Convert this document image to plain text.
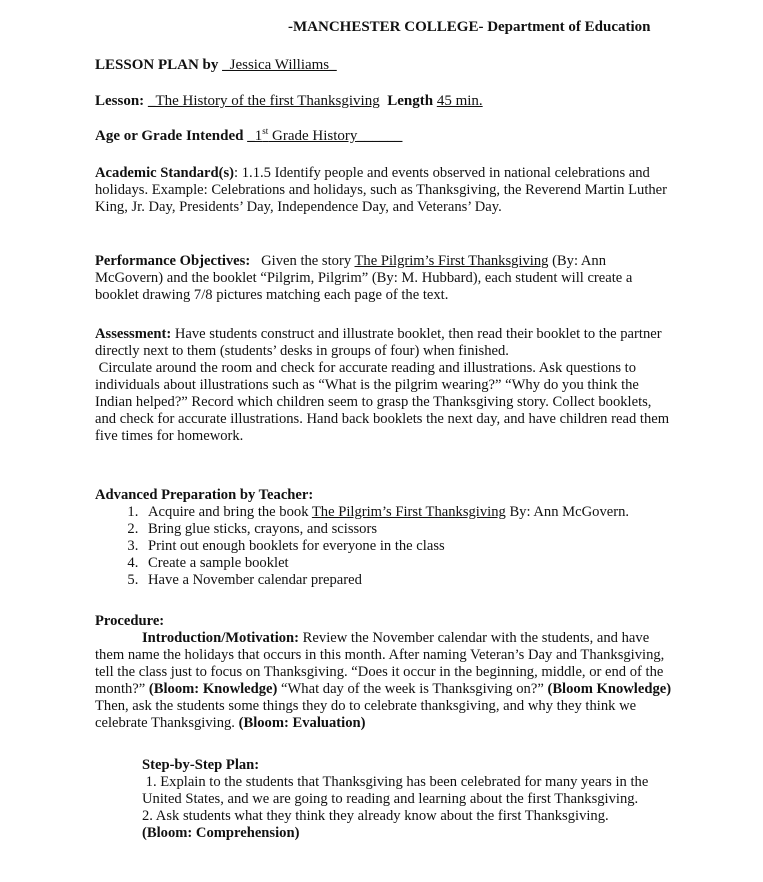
-MANCHESTER COLLEGE- Department of Education
LESSON PLAN by _Jessica Williams_
Lesson: _The History of the first Thanksgiving Length 45 min.
Age or Grade Intended _1st Grade History______

Academic Standard(s): 1.1.5 Identify people and events observed in national celebrations and holidays. Example: Celebrations and holidays, such as Thanksgiving, the Reverend Martin Luther King, Jr. Day, Presidents’ Day, Independence Day, and Veterans’ Day.

Performance Objectives:   Given the story The Pilgrim’s First Thanksgiving (By: Ann McGovern) and the booklet “Pilgrim, Pilgrim” (By: M. Hubbard), each student will create a booklet drawing 7/8 pictures matching each page of the text.

Assessment: Have students construct and illustrate booklet, then read their booklet to the partner directly next to them (students’ desks in groups of four) when finished.

Circulate around the room and check for accurate reading and illustrations. Ask questions to individuals about illustrations such as “What is the pilgrim wearing?” “Why do you think the Indian helped?” Record which children seem to grasp the Thanksgiving story. Collect booklets, and check for accurate illustrations. Hand back booklets the next day, and have children read them five times for homework.

Advanced Preparation by Teacher:
1. Acquire and bring the book The Pilgrim’s First Thanksgiving By: Ann McGovern.
2. Bring glue sticks, crayons, and scissors
3. Print out enough booklets for everyone in the class
4. Create a sample booklet
5. Have a November calendar prepared

Procedure:

Introduction/Motivation: Review the November calendar with the students, and have them name the holidays that occurs in this month. After naming Veteran’s Day and Thanksgiving, tell the class just to focus on Thanksgiving. “Does it occur in the beginning, middle, or end of the month?” (Bloom: Knowledge) “What day of the week is Thanksgiving on?” (Bloom Knowledge) Then, ask the students some things they do to celebrate thanksgiving, and why they think we celebrate Thanksgiving. (Bloom: Evaluation)

Step-by-Step Plan:

1. Explain to the students that Thanksgiving has been celebrated for many years in the United States, and we are going to reading and learning about the first Thanksgiving.

2. Ask students what they think they already know about the first Thanksgiving.

(Bloom: Comprehension)
